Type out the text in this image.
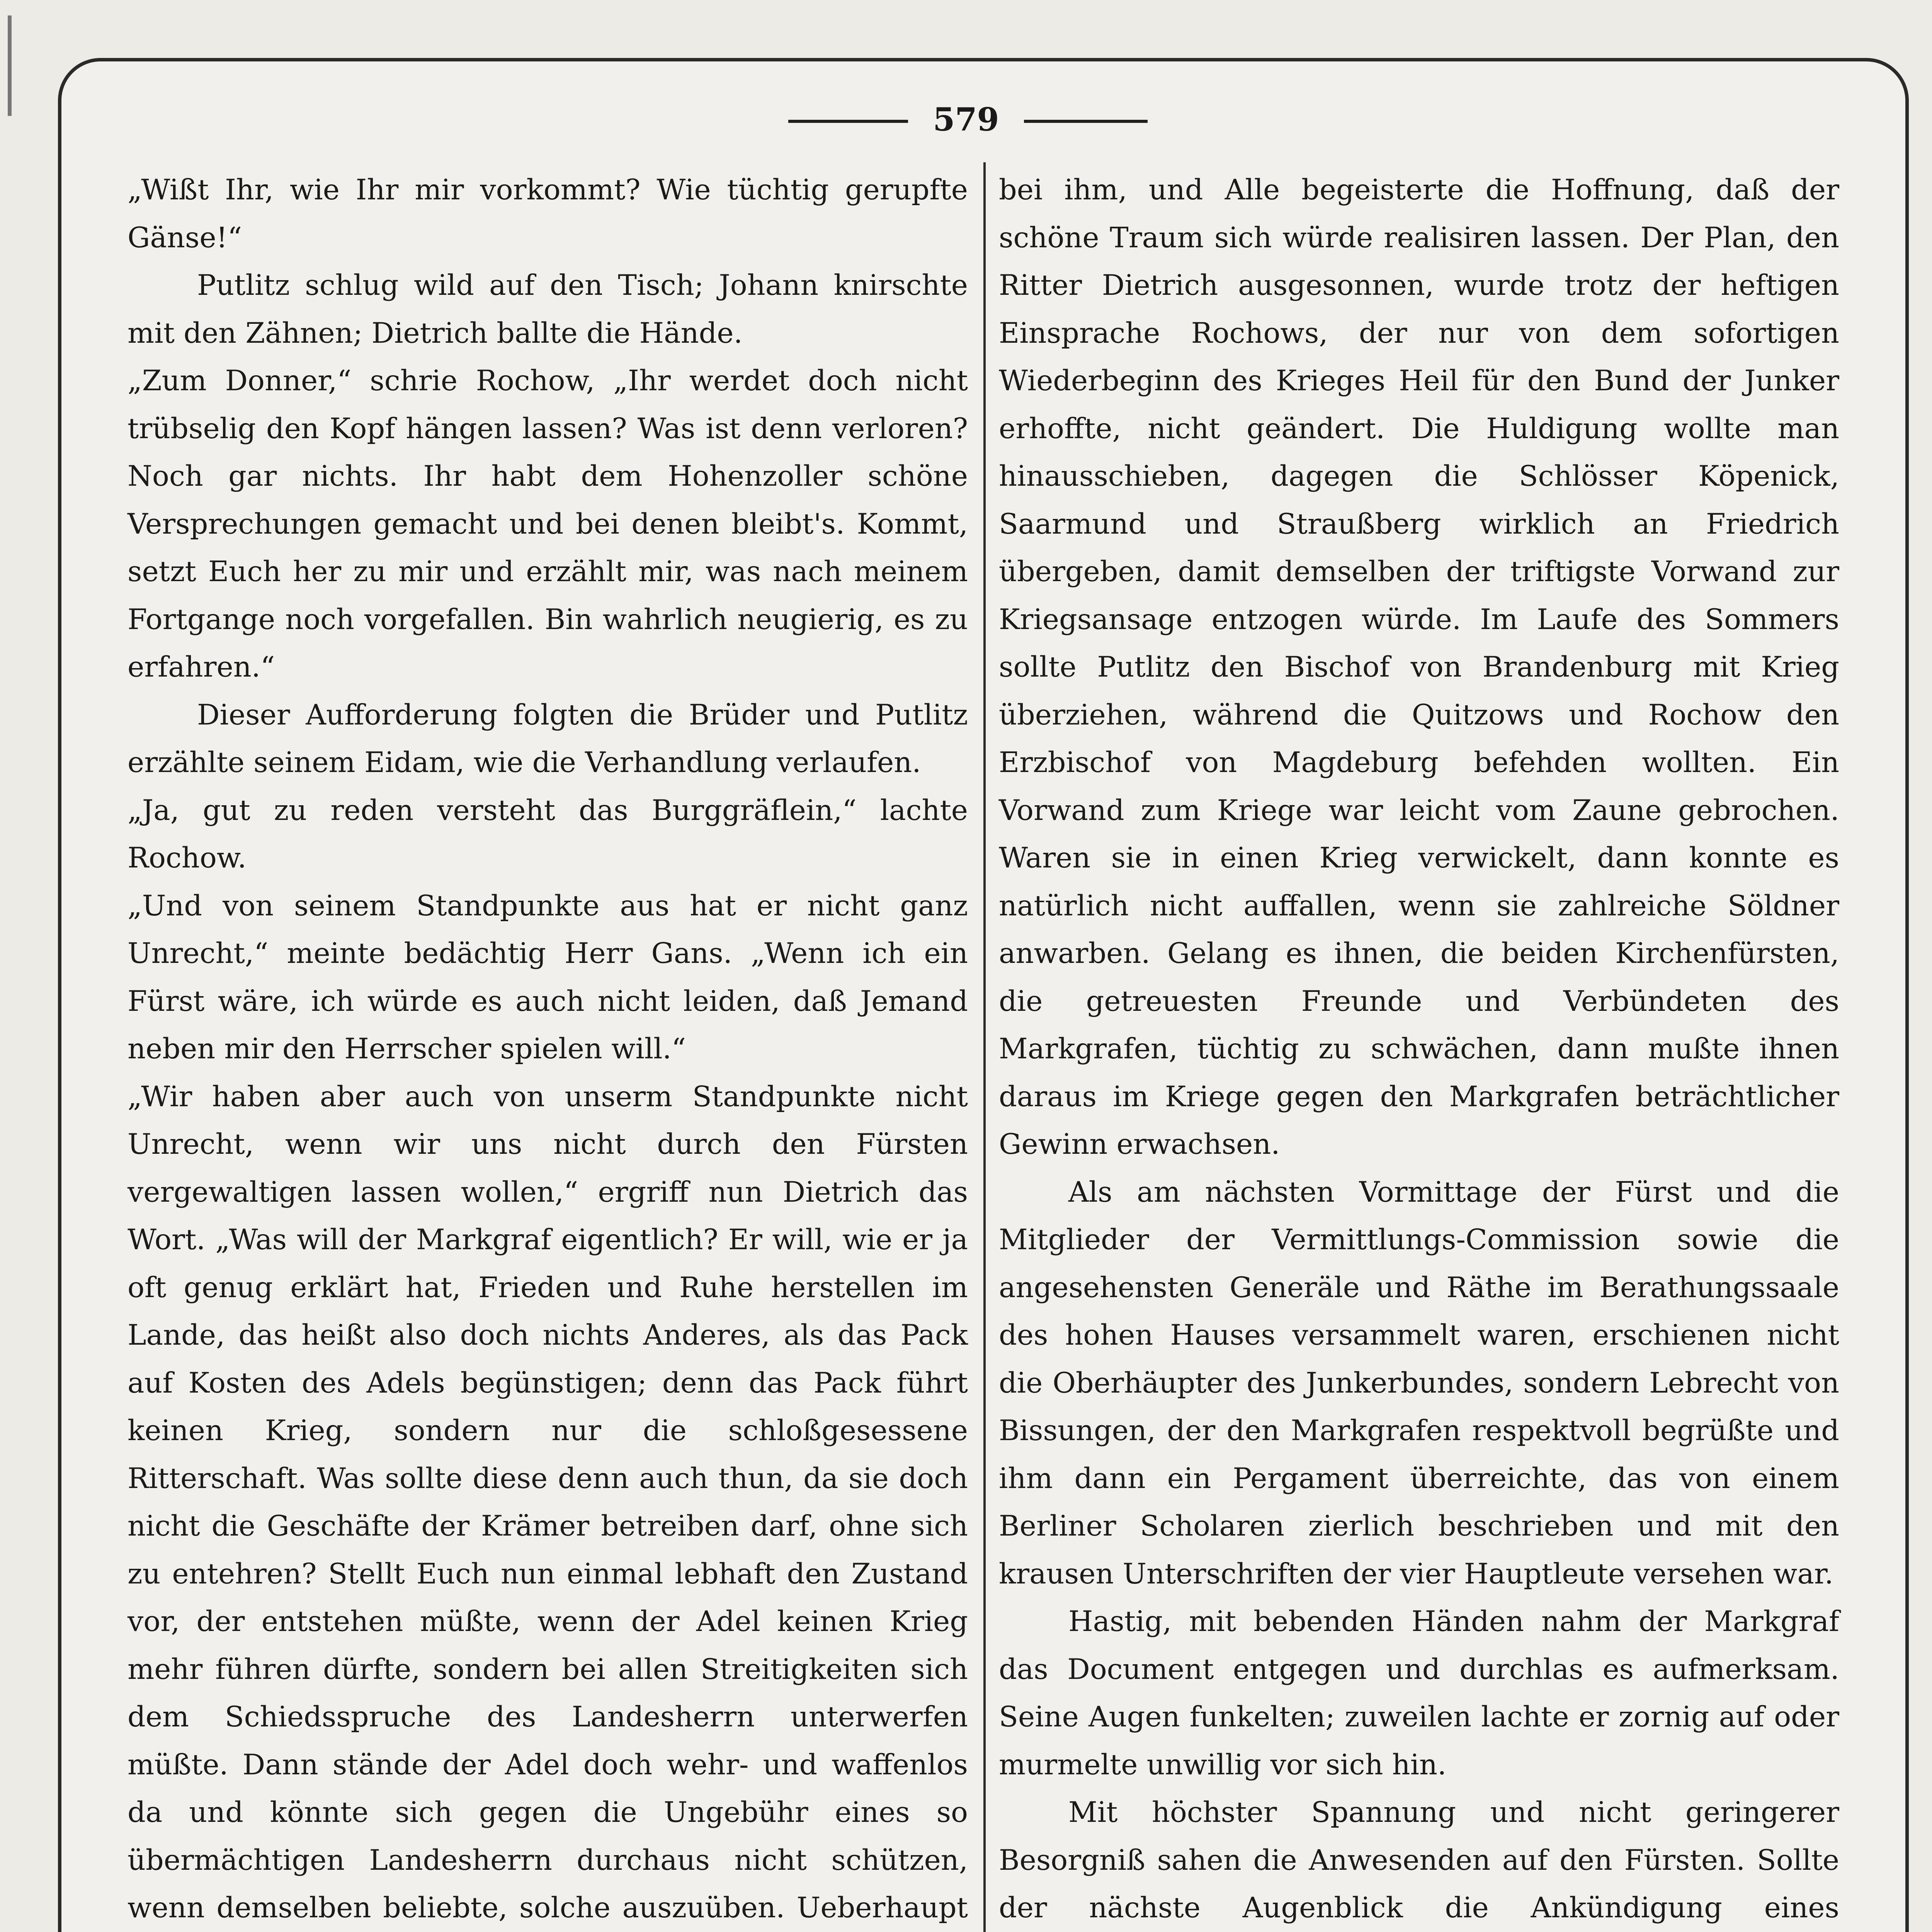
579

„Wißt Ihr, wie Ihr mir vorkommt? Wie tüchtig gerupfte Gänse!“

Putlitz schlug wild auf den Tisch; Johann knirschte mit den Zähnen; Dietrich ballte die Hände.

„Zum Donner,“ schrie Rochow, „Ihr werdet doch nicht trübselig den Kopf hängen lassen? Was ist denn verloren? Noch gar nichts. Ihr habt dem Hohenzoller schöne Versprechungen gemacht und bei denen bleibt's. Kommt, setzt Euch her zu mir und erzählt mir, was nach meinem Fortgange noch vorgefallen. Bin wahrlich neugierig, es zu erfahren.“

Dieser Aufforderung folgten die Brüder und Putlitz erzählte seinem Eidam, wie die Verhandlung verlaufen.

„Ja, gut zu reden versteht das Burggräflein,“ lachte Rochow.

„Und von seinem Standpunkte aus hat er nicht ganz Unrecht,“ meinte bedächtig Herr Gans. „Wenn ich ein Fürst wäre, ich würde es auch nicht leiden, daß Jemand neben mir den Herrscher spielen will.“

„Wir haben aber auch von unserm Standpunkte nicht Unrecht, wenn wir uns nicht durch den Fürsten vergewaltigen lassen wollen,“ ergriff nun Dietrich das Wort. „Was will der Markgraf eigentlich? Er will, wie er ja oft genug erklärt hat, Frieden und Ruhe herstellen im Lande, das heißt also doch nichts Anderes, als das Pack auf Kosten des Adels begünstigen; denn das Pack führt keinen Krieg, sondern nur die schloßgesessene Ritterschaft. Was sollte diese denn auch thun, da sie doch nicht die Geschäfte der Krämer betreiben darf, ohne sich zu entehren? Stellt Euch nun einmal lebhaft den Zustand vor, der entstehen müßte, wenn der Adel keinen Krieg mehr führen dürfte, sondern bei allen Streitigkeiten sich dem Schiedsspruche des Landesherrn unterwerfen müßte. Dann stände der Adel doch wehr- und waffenlos da und könnte sich gegen die Ungebühr eines so übermächtigen Landesherrn durchaus nicht schützen, wenn demselben beliebte, solche auszuüben. Ueberhaupt

bei ihm, und Alle begeisterte die Hoffnung, daß der schöne Traum sich würde realisiren lassen. Der Plan, den Ritter Dietrich ausgesonnen, wurde trotz der heftigen Einsprache Rochows, der nur von dem sofortigen Wiederbeginn des Krieges Heil für den Bund der Junker erhoffte, nicht geändert. Die Huldigung wollte man hinausschieben, dagegen die Schlösser Köpenick, Saarmund und Straußberg wirklich an Friedrich übergeben, damit demselben der triftigste Vorwand zur Kriegsansage entzogen würde. Im Laufe des Sommers sollte Putlitz den Bischof von Brandenburg mit Krieg überziehen, während die Quitzows und Rochow den Erzbischof von Magdeburg befehden wollten. Ein Vorwand zum Kriege war leicht vom Zaune gebrochen. Waren sie in einen Krieg verwickelt, dann konnte es natürlich nicht auffallen, wenn sie zahlreiche Söldner anwarben. Gelang es ihnen, die beiden Kirchenfürsten, die getreuesten Freunde und Verbündeten des Markgrafen, tüchtig zu schwächen, dann mußte ihnen daraus im Kriege gegen den Markgrafen beträchtlicher Gewinn erwachsen.

Als am nächsten Vormittage der Fürst und die Mitglieder der Vermittlungs-Commission sowie die angesehensten Generäle und Räthe im Berathungssaale des hohen Hauses versammelt waren, erschienen nicht die Oberhäupter des Junkerbundes, sondern Lebrecht von Bissungen, der den Markgrafen respektvoll begrüßte und ihm dann ein Pergament überreichte, das von einem Berliner Scholaren zierlich beschrieben und mit den krausen Unterschriften der vier Hauptleute versehen war.

Hastig, mit bebenden Händen nahm der Markgraf das Document entgegen und durchlas es aufmerksam. Seine Augen funkelten; zuweilen lachte er zornig auf oder murmelte unwillig vor sich hin.

Mit höchster Spannung und nicht geringerer Besorgniß sahen die Anwesenden auf den Fürsten. Sollte der nächste Augenblick die Ankündigung eines
